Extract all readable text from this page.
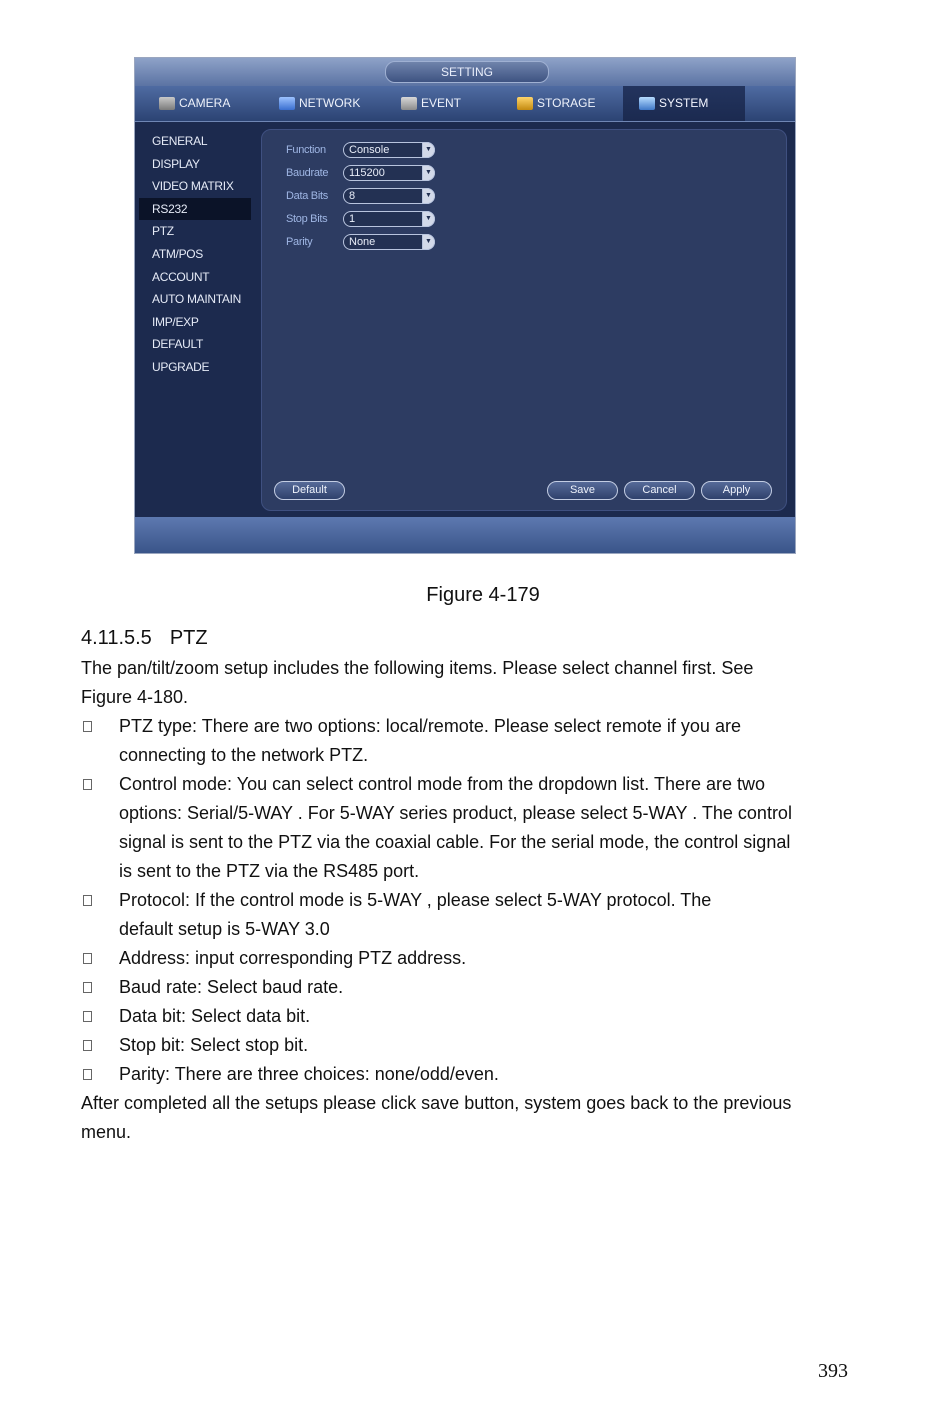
SETTING
CAMERA	NETWORK	EVENT	STORAGE	SYSTEM
GENERAL
DISPLAY
VIDEO MATRIX
RS232
PTZ
ATM/POS
ACCOUNT
AUTO MAINTAIN
IMP/EXP
DEFAULT
UPGRADE
Function	Console	▼
Baudrate	115200	▼
Data Bits	8	▼
Stop Bits	1	▼
Parity	None	▼
Default	Save	Cancel	Apply
Figure 4-179
4.11.5.5 PTZ
The pan/tilt/zoom setup includes the following items. Please select channel first. See
Figure 4-180.
PTZ type: There are two options: local/remote. Please select remote if you are
connecting to the network PTZ.
Control mode: You can select control mode from the dropdown list. There are two
options: Serial/5-WAY . For 5-WAY series product, please select 5-WAY . The control
signal is sent to the PTZ via the coaxial cable. For the serial mode, the control signal
is sent to the PTZ via the RS485 port.
Protocol: If the control mode is 5-WAY , please select 5-WAY protocol. The
default setup is 5-WAY 3.0
Address: input corresponding PTZ address.
Baud rate: Select baud rate.
Data bit: Select data bit.
Stop bit: Select stop bit.
Parity: There are three choices: none/odd/even.
After completed all the setups please click save button, system goes back to the previous
menu.
393
